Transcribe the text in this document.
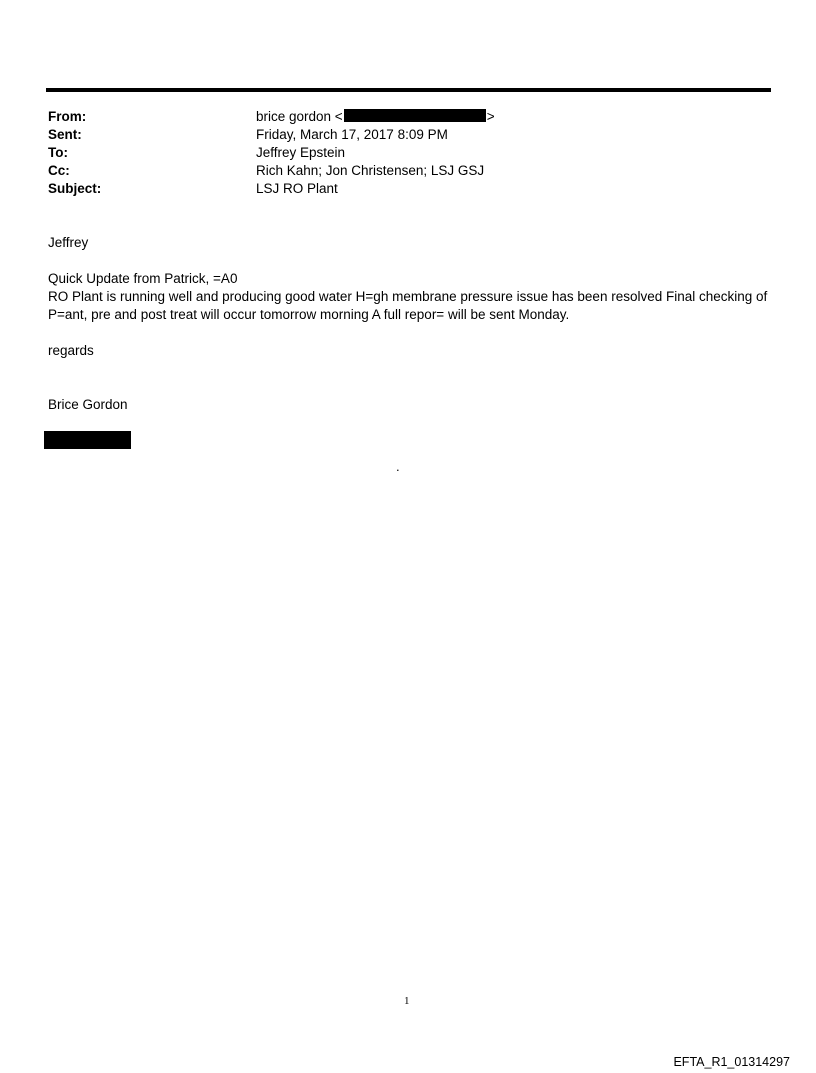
From:	brice gordon <	>
Sent:	Friday, March 17, 2017 8:09 PM
To:	Jeffrey Epstein
Cc:	Rich Kahn; Jon Christensen; LSJ GSJ
Subject:	LSJ RO Plant
Jeffrey
Quick Update from Patrick, =A0
RO Plant is running well and producing good water H=gh membrane pressure issue has been resolved Final checking of
P=ant, pre and post treat will occur tomorrow morning A full repor= will be sent Monday.
regards
Brice Gordon
.
1
EFTA_R1_01314297
